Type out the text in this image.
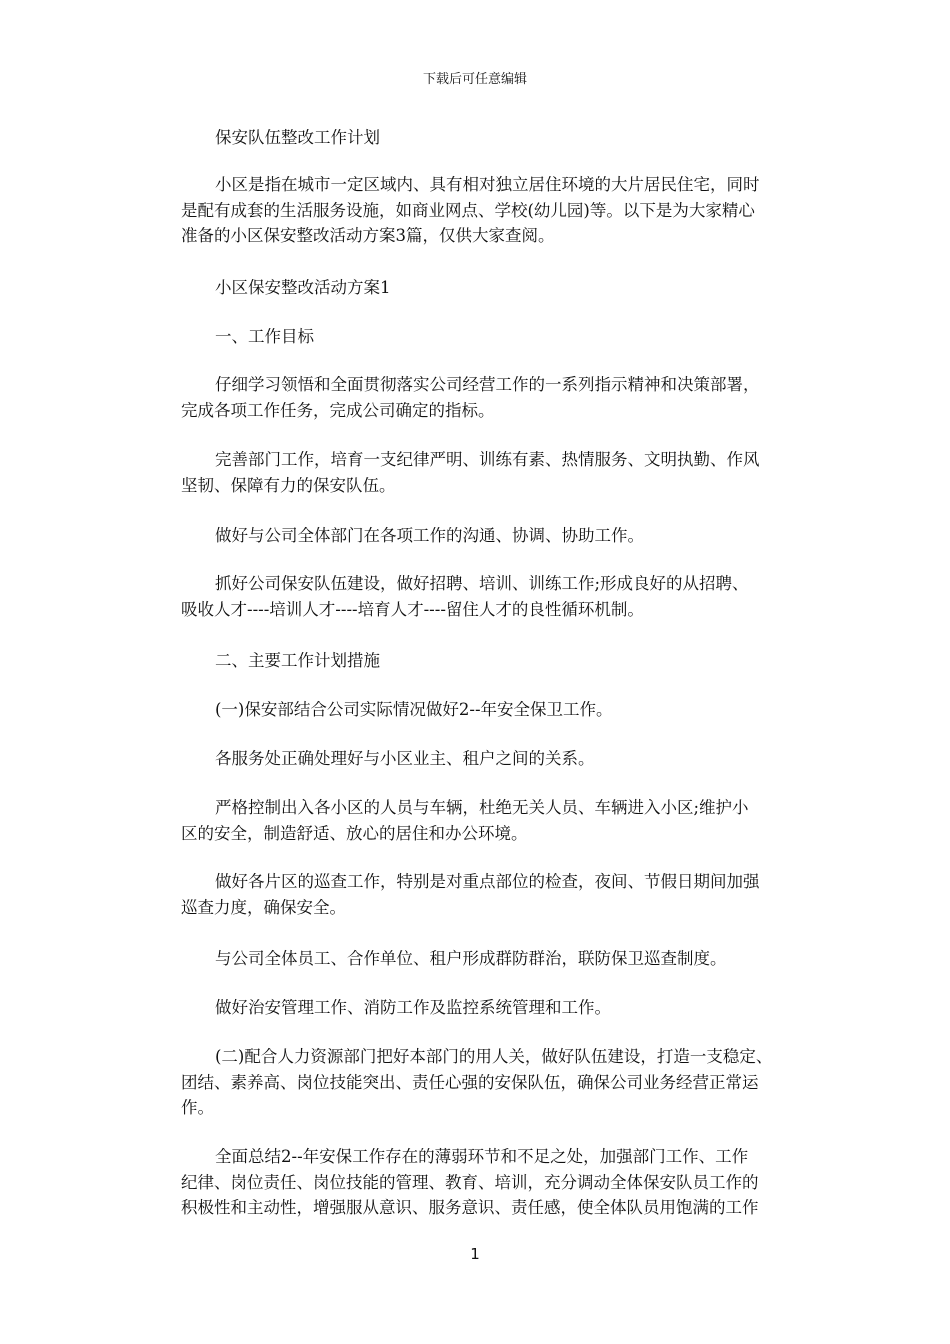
下载后可任意编辑
保安队伍整改工作计划
小区是指在城市一定区域内、具有相对独立居住环境的大片居民住宅，同时
是配有成套的生活服务设施，如商业网点、学校(幼儿园)等。以下是为大家精心
准备的小区保安整改活动方案3篇，仅供大家查阅。
小区保安整改活动方案1
一、工作目标
仔细学习领悟和全面贯彻落实公司经营工作的一系列指示精神和决策部署，
完成各项工作任务，完成公司确定的指标。
完善部门工作，培育一支纪律严明、训练有素、热情服务、文明执勤、作风
坚韧、保障有力的保安队伍。
做好与公司全体部门在各项工作的沟通、协调、协助工作。
抓好公司保安队伍建设，做好招聘、培训、训练工作;形成良好的从招聘、
吸收人才----培训人才----培育人才----留住人才的良性循环机制。
二、主要工作计划措施
(一)保安部结合公司实际情况做好2--年安全保卫工作。
各服务处正确处理好与小区业主、租户之间的关系。
严格控制出入各小区的人员与车辆，杜绝无关人员、车辆进入小区;维护小
区的安全，制造舒适、放心的居住和办公环境。
做好各片区的巡查工作，特别是对重点部位的检查，夜间、节假日期间加强
巡查力度，确保安全。
与公司全体员工、合作单位、租户形成群防群治，联防保卫巡查制度。
做好治安管理工作、消防工作及监控系统管理和工作。
(二)配合人力资源部门把好本部门的用人关，做好队伍建设，打造一支稳定、
团结、素养高、岗位技能突出、责任心强的安保队伍，确保公司业务经营正常运
作。
全面总结2--年安保工作存在的薄弱环节和不足之处，加强部门工作、工作
纪律、岗位责任、岗位技能的管理、教育、培训，充分调动全体保安队员工作的
积极性和主动性，增强服从意识、服务意识、责任感，使全体队员用饱满的工作
1
